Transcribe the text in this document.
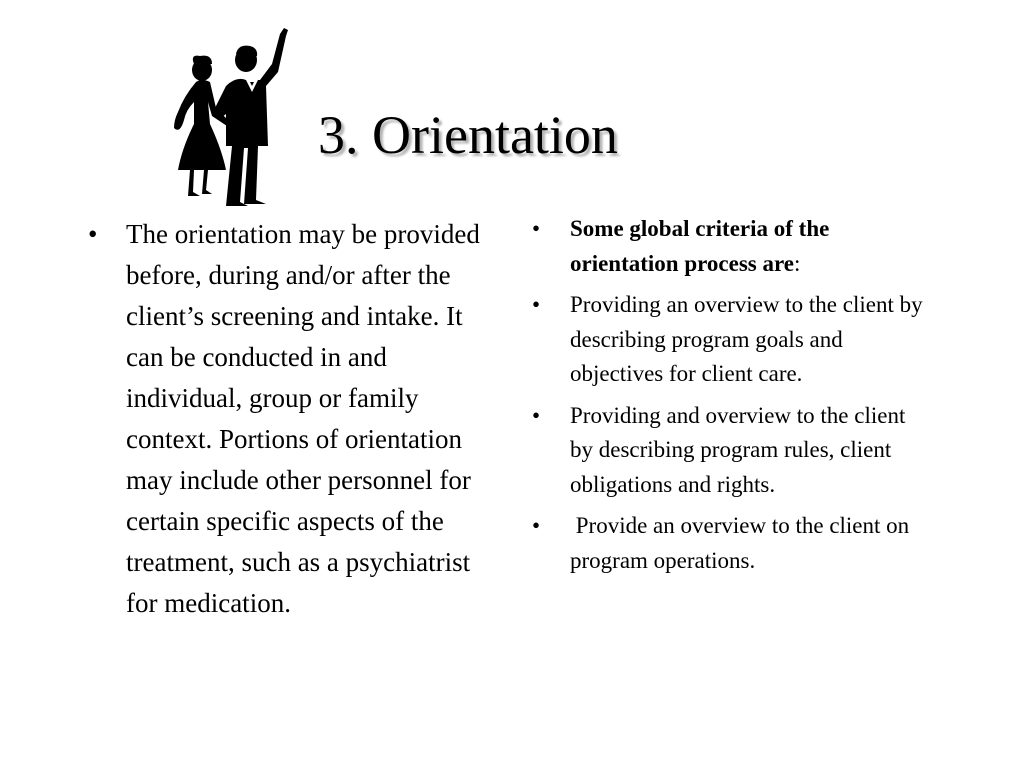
3. Orientation
• The orientation may be provided before, during and/or after the client’s screening and intake. It can be conducted in and individual, group or family context. Portions of orientation may include other personnel for certain specific aspects of the treatment, such as a psychiatrist for medication.
• Some global criteria of the orientation process are:
• Providing an overview to the client by describing program goals and objectives for client care.
• Providing and overview to the client by describing program rules, client obligations and rights.
• Provide an overview to the client on program operations.
